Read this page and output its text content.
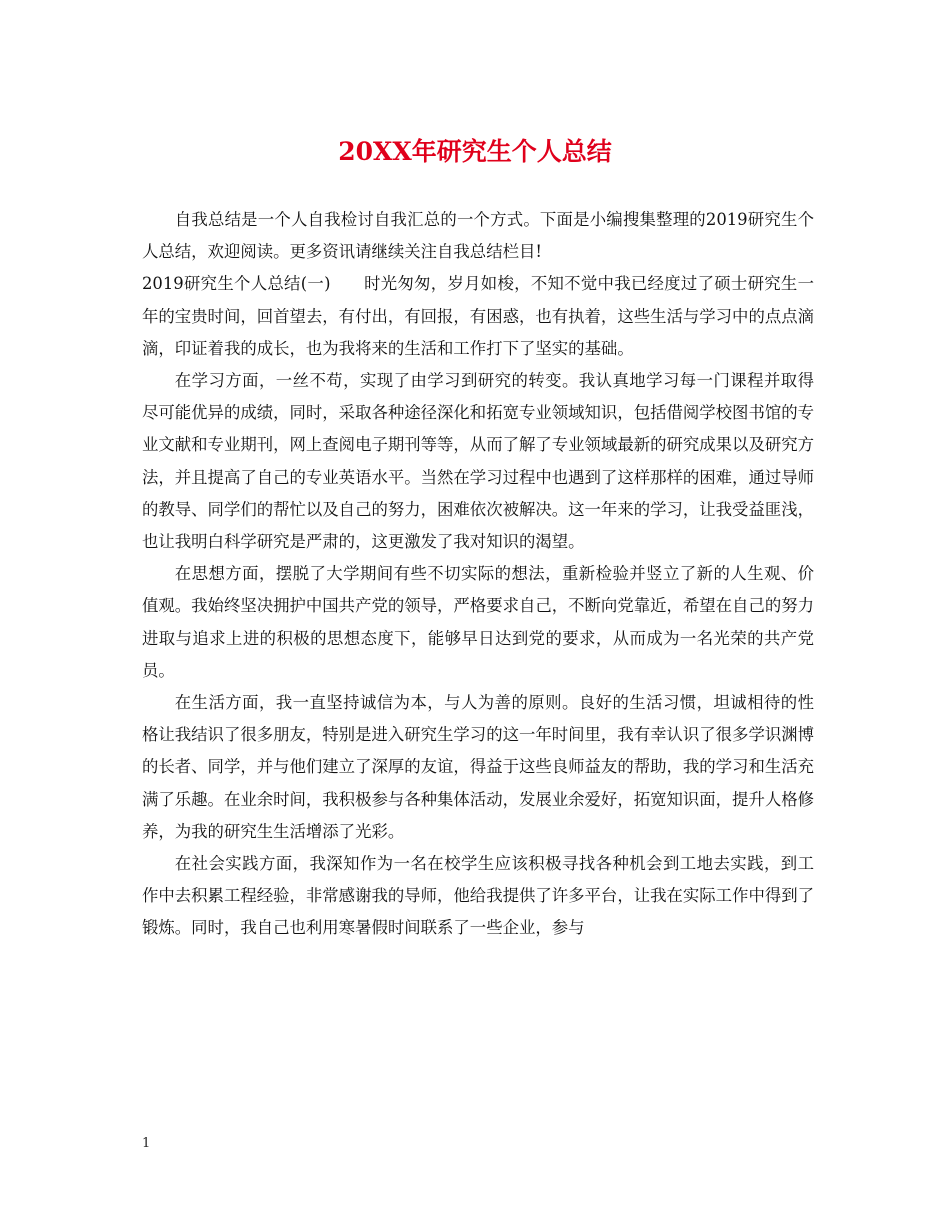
20XX年研究生个人总结

自我总结是一个人自我检讨自我汇总的一个方式。下面是小编搜集整理的2019研究生个人总结，欢迎阅读。更多资讯请继续关注自我总结栏目!

2019研究生个人总结(一)　　时光匆匆，岁月如梭，不知不觉中我已经度过了硕士研究生一年的宝贵时间，回首望去，有付出，有回报，有困惑，也有执着，这些生活与学习中的点点滴滴，印证着我的成长，也为我将来的生活和工作打下了坚实的基础。

在学习方面，一丝不苟，实现了由学习到研究的转变。我认真地学习每一门课程并取得尽可能优异的成绩，同时，采取各种途径深化和拓宽专业领域知识，包括借阅学校图书馆的专业文献和专业期刊，网上查阅电子期刊等等，从而了解了专业领域最新的研究成果以及研究方法，并且提高了自己的专业英语水平。当然在学习过程中也遇到了这样那样的困难，通过导师的教导、同学们的帮忙以及自己的努力，困难依次被解决。这一年来的学习，让我受益匪浅，也让我明白科学研究是严肃的，这更激发了我对知识的渴望。

在思想方面，摆脱了大学期间有些不切实际的想法，重新检验并竖立了新的人生观、价值观。我始终坚决拥护中国共产党的领导，严格要求自己，不断向党靠近，希望在自己的努力进取与追求上进的积极的思想态度下，能够早日达到党的要求，从而成为一名光荣的共产党员。

在生活方面，我一直坚持诚信为本，与人为善的原则。良好的生活习惯，坦诚相待的性格让我结识了很多朋友，特别是进入研究生学习的这一年时间里，我有幸认识了很多学识渊博的长者、同学，并与他们建立了深厚的友谊，得益于这些良师益友的帮助，我的学习和生活充满了乐趣。在业余时间，我积极参与各种集体活动，发展业余爱好，拓宽知识面，提升人格修养，为我的研究生生活增添了光彩。

在社会实践方面，我深知作为一名在校学生应该积极寻找各种机会到工地去实践，到工作中去积累工程经验，非常感谢我的导师，他给我提供了许多平台，让我在实际工作中得到了锻炼。同时，我自己也利用寒暑假时间联系了一些企业，参与

1
